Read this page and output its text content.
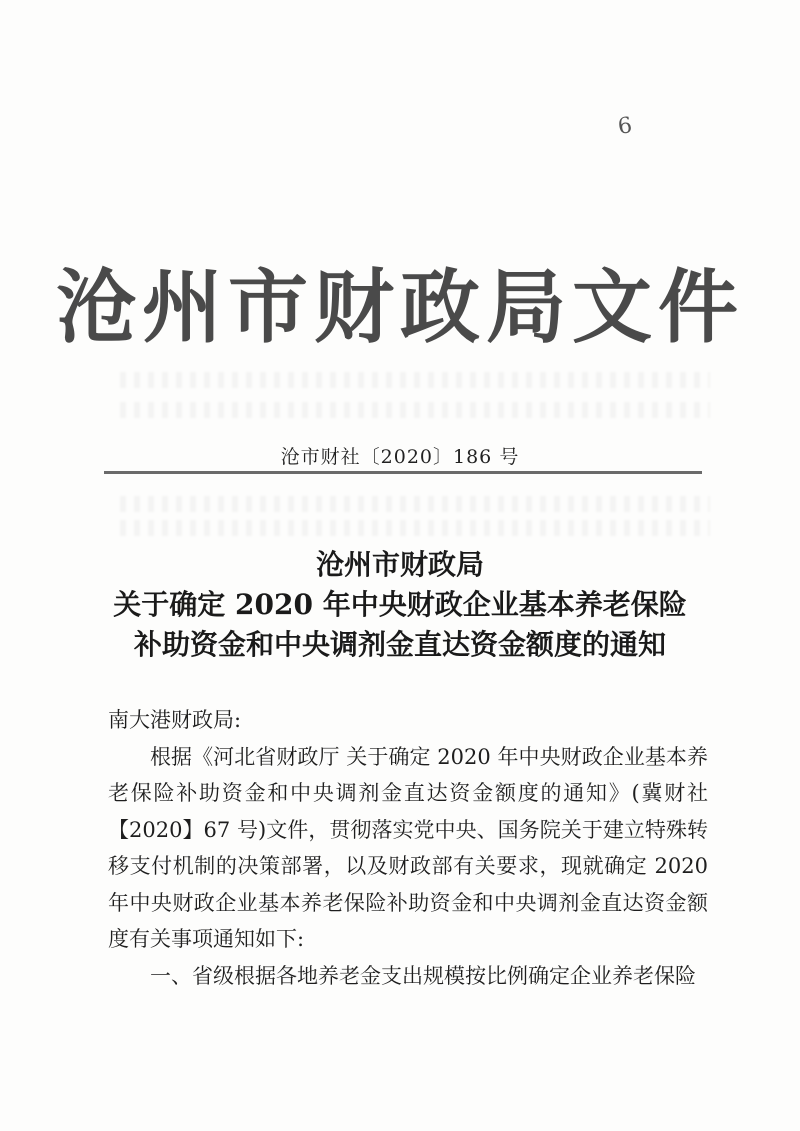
6
沧州市财政局文件
沧市财社〔2020〕186 号
沧州市财政局
关于确定 2020 年中央财政企业基本养老保险
补助资金和中央调剂金直达资金额度的通知

南大港财政局:

根据《河北省财政厅 关于确定 2020 年中央财政企业基本养老保险补助资金和中央调剂金直达资金额度的通知》(冀财社【2020】67 号)文件，贯彻落实党中央、国务院关于建立特殊转移支付机制的决策部署，以及财政部有关要求，现就确定 2020 年中央财政企业基本养老保险补助资金和中央调剂金直达资金额度有关事项通知如下:

一、省级根据各地养老金支出规模按比例确定企业养老保险
